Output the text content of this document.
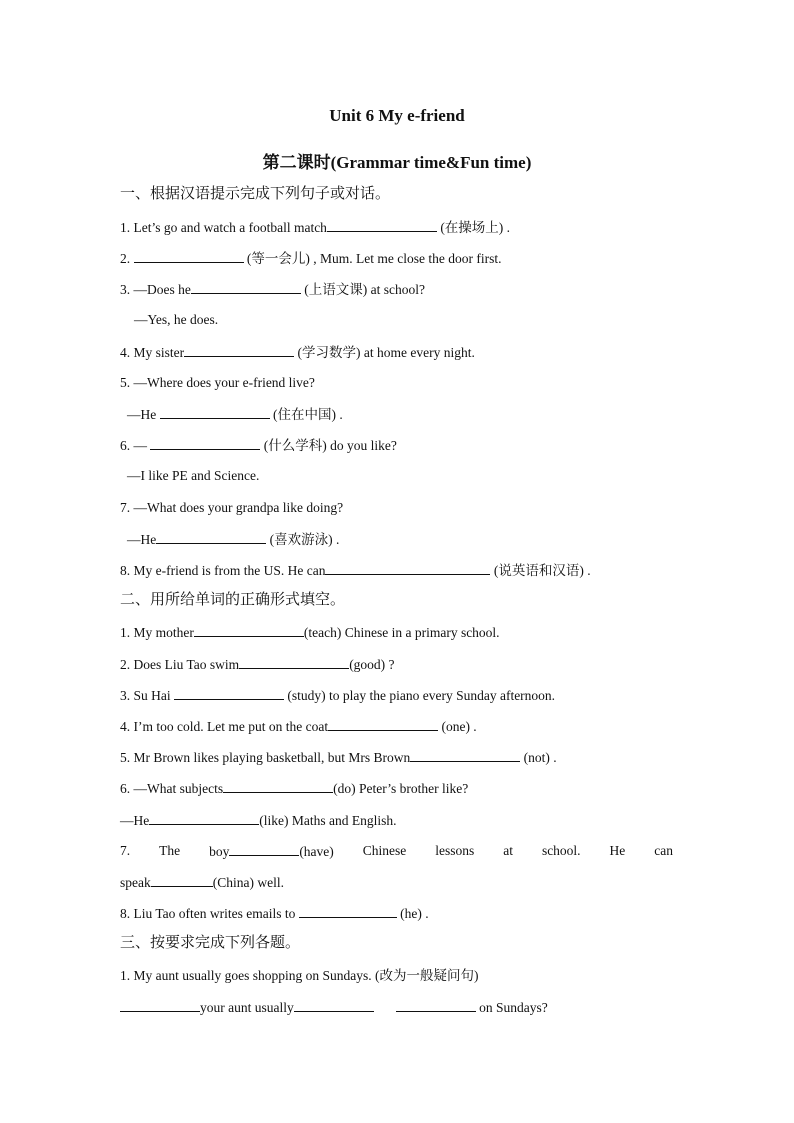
Unit 6 My e-friend
第二课时(Grammar time&Fun time)
一、根据汉语提示完成下列句子或对话。
1. Let’s go and watch a football match	(在操场上) .
2.	(等一会儿) , Mum. Let me close the door first.
3. —Does he	(上语文课) at school?
—Yes, he does.
4. My sister	(学习数学) at home every night.
5. —Where does your e-friend live?
—He	(住在中国) .
6. —	(什么学科) do you like?
—I like PE and Science.
7. —What does your grandpa like doing?
—He	(喜欢游泳) .
8. My e-friend is from the US. He can	(说英语和汉语) .
二、用所给单词的正确形式填空。
1. My mother	(teach) Chinese in a primary school.
2. Does Liu Tao swim	(good) ?
3. Su Hai	(study) to play the piano every Sunday afternoon.
4. I’m too cold. Let me put on the coat	(one) .
5. Mr Brown likes playing basketball, but Mrs Brown	(not) .
6. —What subjects	(do) Peter’s brother like?
—He	(like) Maths and English.
7. The boy	(have) Chinese lessons at school. He can
speak	(China) well.
8. Liu Tao often writes emails to	(he) .
三、按要求完成下列各题。
1. My aunt usually goes shopping on Sundays. (改为一般疑问句)
your aunt usually	on Sundays?
